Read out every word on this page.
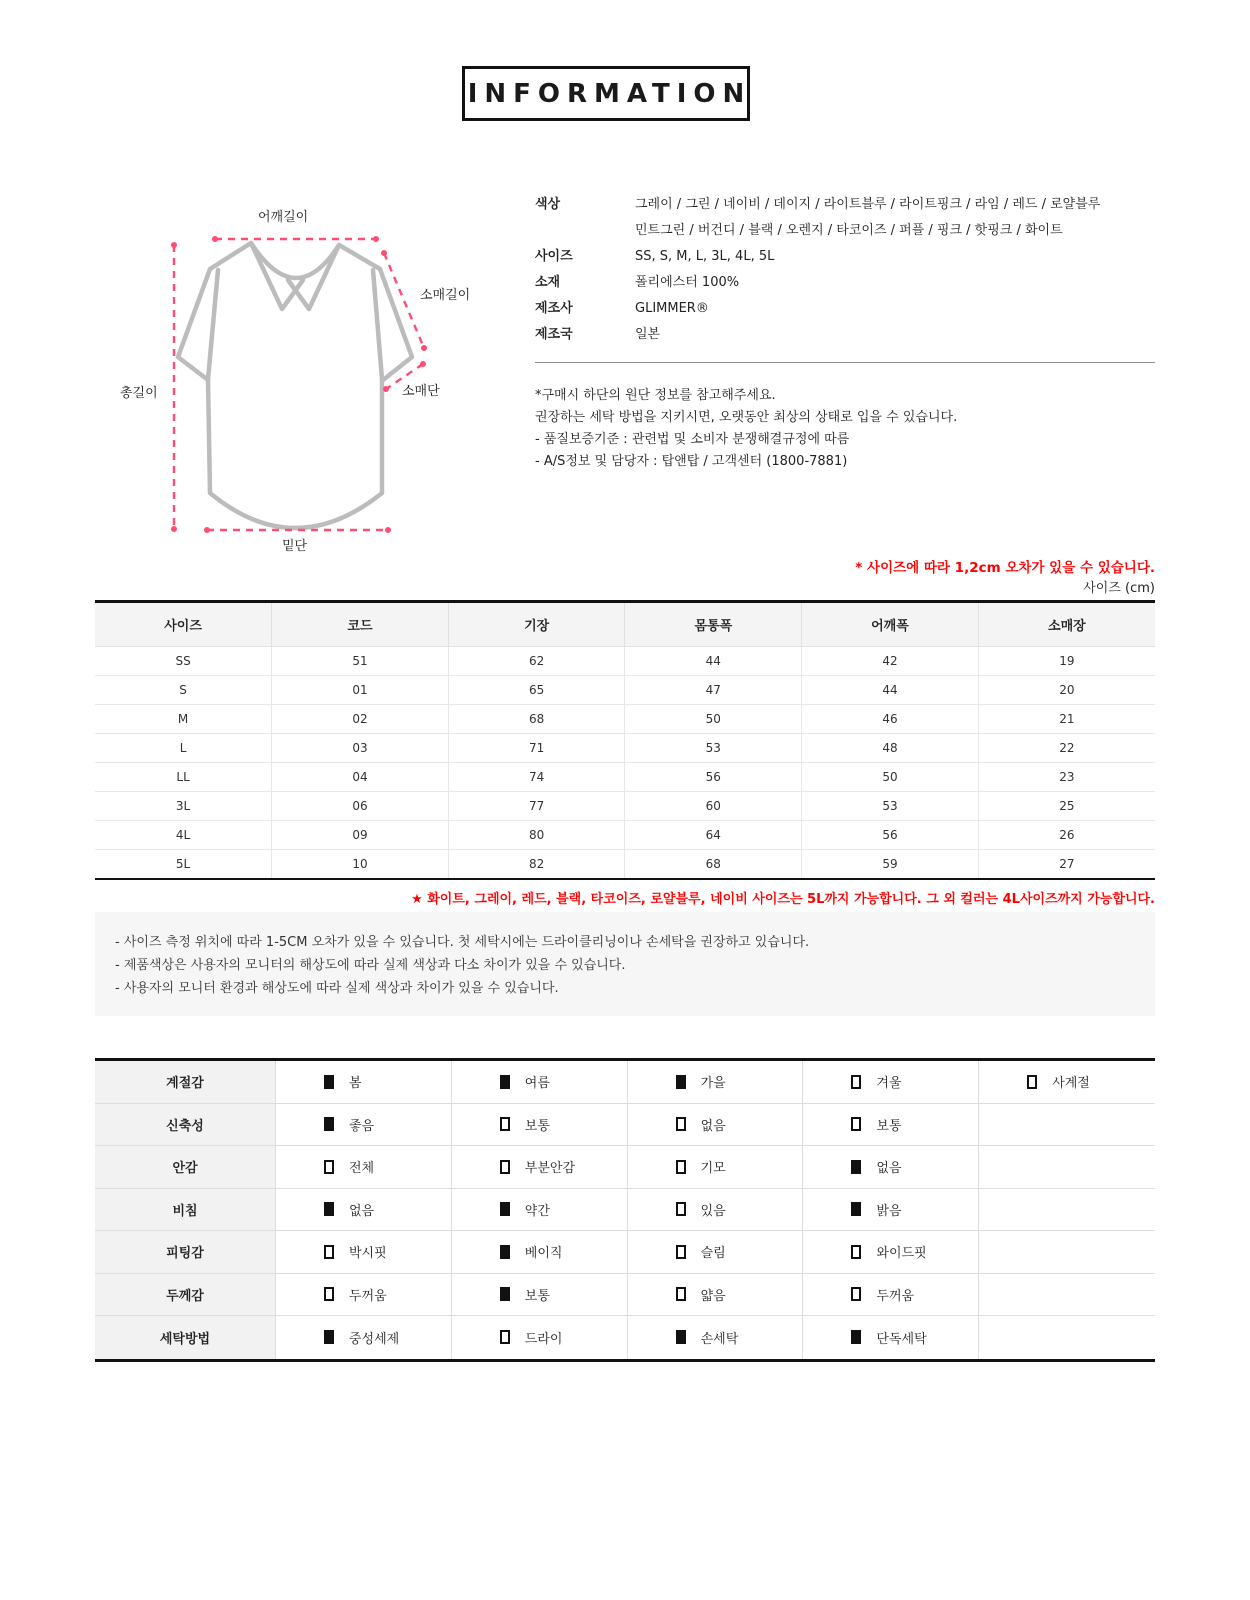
INFORMATION
어깨길이
소매길이
소매단
총길이
밑단
색상	그레이 / 그린 / 네이비 / 데이지 / 라이트블루 / 라이트핑크 / 라임 / 레드 / 로얄블루
민트그린 / 버건디 / 블랙 / 오렌지 / 타코이즈 / 퍼플 / 핑크 / 핫핑크 / 화이트
사이즈	SS, S, M, L, 3L, 4L, 5L
소재	폴리에스터 100%
제조사	GLIMMER®
제조국	일본
*구매시 하단의 원단 정보를 참고해주세요.
권장하는 세탁 방법을 지키시면, 오랫동안 최상의 상태로 입을 수 있습니다.
- 품질보증기준 : 관련법 및 소비자 분쟁해결규정에 따름
- A/S정보 및 담당자 : 탑앤탑 / 고객센터 (1800-7881)
* 사이즈에 따라 1,2cm 오차가 있을 수 있습니다.
사이즈 (cm)
사이즈	코드	기장	몸통폭	어깨폭	소매장
SS	51	62	44	42	19
S	01	65	47	44	20
M	02	68	50	46	21
L	03	71	53	48	22
LL	04	74	56	50	23
3L	06	77	60	53	25
4L	09	80	64	56	26
5L	10	82	68	59	27
★ 화이트, 그레이, 레드, 블랙, 타코이즈, 로얄블루, 네이비 사이즈는 5L까지 가능합니다. 그 외 컬러는 4L사이즈까지 가능합니다.
- 사이즈 측정 위치에 따라 1-5CM 오차가 있을 수 있습니다. 첫 세탁시에는 드라이클리닝이나 손세탁을 권장하고 있습니다.
- 제품색상은 사용자의 모니터의 해상도에 따라 실제 색상과 다소 차이가 있을 수 있습니다.
- 사용자의 모니터 환경과 해상도에 따라 실제 색상과 차이가 있을 수 있습니다.
계절감	봄	여름	가을	겨울	사계절
신축성	좋음	보통	없음	보통
안감	전체	부분안감	기모	없음
비침	없음	약간	있음	밝음
피팅감	박시핏	베이직	슬림	와이드핏
두께감	두꺼움	보통	얇음	두꺼움
세탁방법	중성세제	드라이	손세탁	단독세탁
